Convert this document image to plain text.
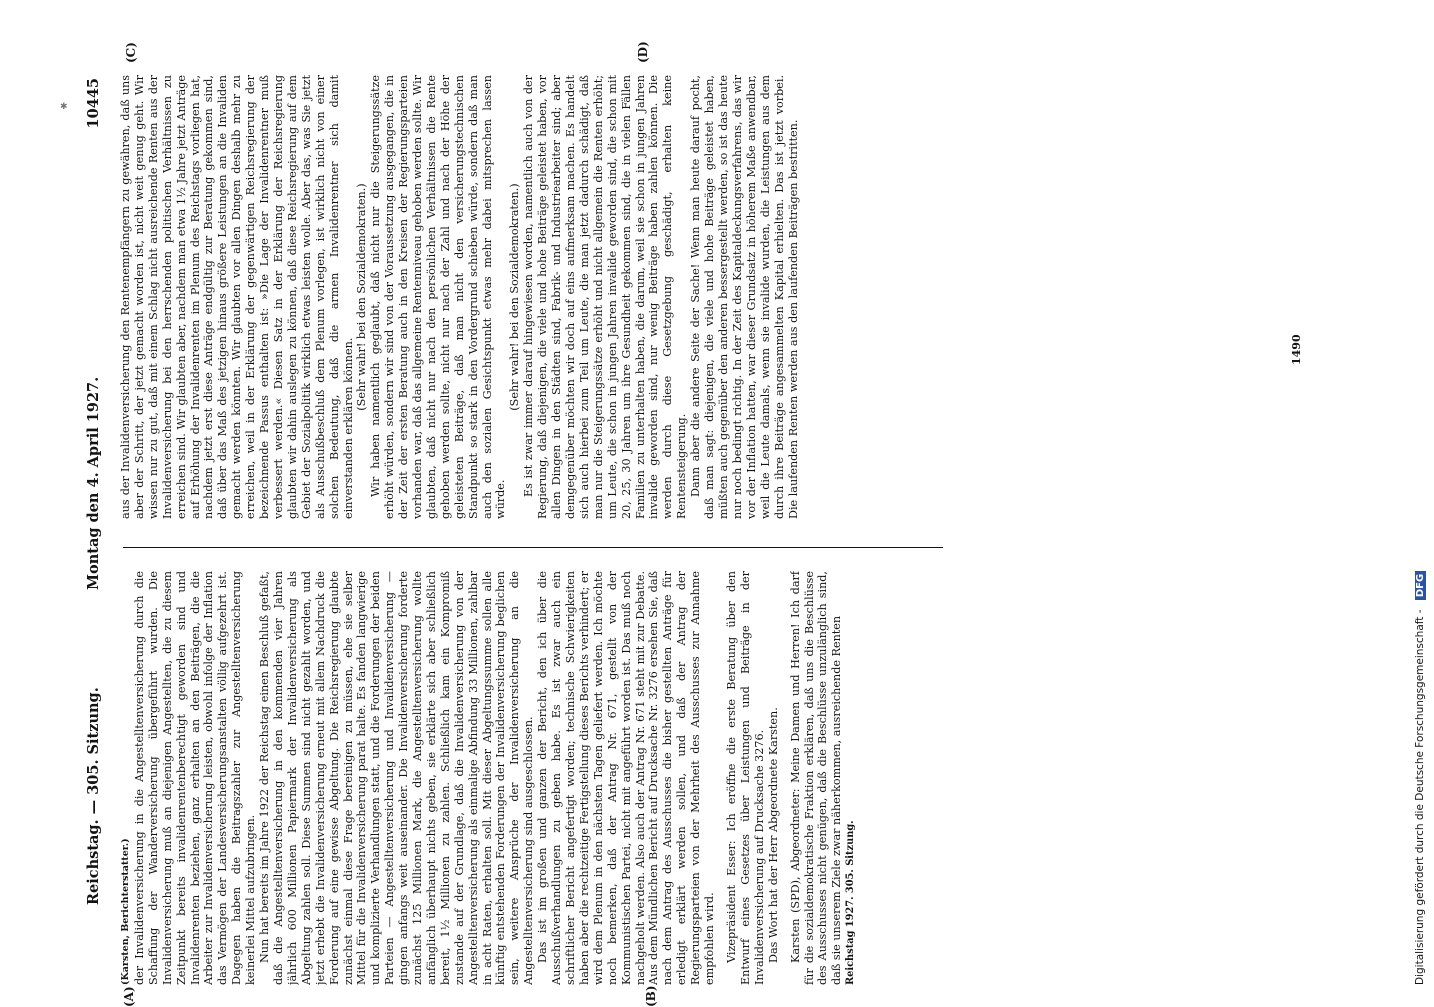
Reichstag. — 305. Sitzung.
Montag den 4. April 1927.
10445
(A)	(B)
(C)	(D)

(Karsten, Berichterstatter.) der Invalidenversicherung in die Angestelltenversicherung durch die Schaffung der Wanderversicherung übergeführt wurden. Die Invalidenversicherung muß an diejenigen Angestellten, die zu diesem Zeitpunkt bereits invalidenrentenberechtigt geworden sind und Invalidenrenten beziehen, ganz erhalten an den Beiträgen, die die Arbeiter zur Invalidenversicherung leisten, obwohl infolge der Inflation das Vermögen der Landesversicherungsanstalten völlig aufgezehrt ist. Dagegen haben die Beitragszahler zur Angestelltenversicherung keinerlei Mittel aufzubringen. Nun hat bereits im Jahre 1922 der Reichstag einen Beschluß gefaßt, daß die Angestelltenversicherung in den kommenden vier Jahren jährlich 600 Millionen Papiermark der Invalidenversicherung als Abgeltung zahlen soll. Diese Summen sind nicht gezahlt worden, und jetzt erhebt die Invalidenversicherung erneut mit allem Nachdruck die Forderung auf eine gewisse Abgeltung. Die Reichsregierung glaubte zunächst einmal diese Frage bereinigen zu müssen, ehe sie selber Mittel für die Invalidenversicherung parat halte. Es fanden langwierige und komplizierte Verhandlungen statt, und die Forderungen der beiden Parteien — Angestelltenversicherung und Invalidenversicherung — gingen anfangs weit auseinander. Die Invalidenversicherung forderte zunächst 125 Millionen Mark, die Angestelltenversicherung wollte anfänglich überhaupt nichts geben, sie erklärte sich aber schließlich bereit, 1½ Millionen zu zahlen. Schließlich kam ein Kompromiß zustande auf der Grundlage, daß die Invalidenversicherung von der Angestelltenversicherung als einmalige Abfindung 33 Millionen, zahlbar in acht Raten, erhalten soll. Mit dieser Abgeltungssumme sollen alle künftig entstehenden Forderungen der Invalidenversicherung beglichen sein, weitere Ansprüche der Invalidenversicherung an die Angestelltenversicherung sind ausgeschlossen. Das ist im großen und ganzen der Bericht, den ich über die Ausschußverhandlungen zu geben habe. Es ist zwar auch ein schriftlicher Bericht angefertigt worden; technische Schwierigkeiten haben aber die rechtzeitige Fertigstellung dieses Berichts verhindert; er wird dem Plenum in den nächsten Tagen geliefert werden. Ich möchte noch bemerken, daß der Antrag Nr. 671, gestellt von der Kommunistischen Partei, nicht mit angeführt worden ist. Das muß noch nachgeholt werden. Also auch der Antrag Nr. 671 steht mit zur Debatte. Aus dem Mündlichen Bericht auf Drucksache Nr. 3276 ersehen Sie, daß nach dem Antrag des Ausschusses die bisher gestellten Anträge für erledigt erklärt werden sollen, und daß der Antrag der Regierungsparteien von der Mehrheit des Ausschusses zur Annahme empfohlen wird. Vizepräsident Esser: Ich eröffne die erste Beratung über den Entwurf eines Gesetzes über Leistungen und Beiträge in der Invalidenversicherung auf Drucksache 3276. Das Wort hat der Herr Abgeordnete Karsten. Karsten (SPD), Abgeordneter: Meine Damen und Herren! Ich darf für die sozialdemokratische Fraktion erklären, daß uns die Beschlüsse des Ausschusses nicht genügen, daß die Beschlüsse unzulänglich sind, daß sie unserem Ziele zwar näherkommen, ausreichende Renten Reichstag 1927. 305. Sitzung.

aus der Invalidenversicherung den Rentenempfängern zu gewähren, daß uns aber der Schritt, der jetzt gemacht worden ist, nicht weit genug geht. Wir wissen nur zu gut, daß mit einem Schlag nicht ausreichende Renten aus der Invalidenversicherung bei den herrschenden politischen Verhältnissen zu erreichen sind. Wir glaubten aber, nachdem man etwa 1½ Jahre jetzt Anträge auf Erhöhung der Invalidenrenten im Plenum des Reichstags vorliegen hat, nachdem jetzt erst diese Anträge endgültig zur Beratung gekommen sind, daß über das Maß des jetzigen hinaus größere Leistungen an die Invaliden gemacht werden könnten. Wir glaubten vor allen Dingen deshalb mehr zu erreichen, weil in der Erklärung der gegenwärtigen Reichsregierung der bezeichnende Passus enthalten ist: »Die Lage der Invalidenrentner muß verbessert werden.« Diesen Satz in der Erklärung der Reichsregierung glaubten wir dahin auslegen zu können, daß diese Reichsregierung auf dem Gebiet der Sozialpolitik wirklich etwas leisten wolle. Aber das, was Sie jetzt als Ausschußbeschluß dem Plenum vorlegen, ist wirklich nicht von einer solchen Bedeutung, daß die armen Invalidenrentner sich damit einverstanden erklären können.

(Sehr wahr! bei den Sozialdemokraten.) Wir haben namentlich geglaubt, daß nicht nur die Steigerungssätze erhöht würden, sondern wir sind von der Voraussetzung ausgegangen, die in der Zeit der ersten Beratung auch in den Kreisen der Regierungsparteien vorhanden war, daß das allgemeine Rentenniveau gehoben werden sollte. Wir glaubten, daß nicht nur nach den persönlichen Verhältnissen die Rente gehoben werden sollte, nicht nur nach der Zahl und nach der Höhe der geleisteten Beiträge, daß man nicht den versicherungstechnischen Standpunkt so stark in den Vordergrund schieben würde, sondern daß man auch den sozialen Gesichtspunkt etwas mehr dabei mitsprechen lassen würde.

(Sehr wahr! bei den Sozialdemokraten.) Es ist zwar immer darauf hingewiesen worden, namentlich auch von der Regierung, daß diejenigen, die viele und hohe Beiträge geleistet haben, vor allen Dingen in den Städten sind, Fabrik- und Industriearbeiter sind; aber demgegenüber möchten wir doch auf eins aufmerksam machen. Es handelt sich auch hierbei zum Teil um Leute, die man jetzt dadurch schädigt, daß man nur die Steigerungssätze erhöht und nicht allgemein die Renten erhöht; um Leute, die schon in jungen Jahren invalide geworden sind, die schon mit 20, 25, 30 Jahren um ihre Gesundheit gekommen sind, die in vielen Fällen Familien zu unterhalten haben, die darum, weil sie schon in jungen Jahren invalide geworden sind, nur wenig Beiträge haben zahlen können. Die werden durch diese Gesetzgebung geschädigt, erhalten keine Rentensteigerung. Dann aber die andere Seite der Sache! Wenn man heute darauf pocht, daß man sagt: diejenigen, die viele und hohe Beiträge geleistet haben, müßten auch gegenüber den anderen bessergestellt werden, so ist das heute nur noch bedingt richtig. In der Zeit des Kapitaldeckungsverfahrens, das wir vor der Inflation hatten, war dieser Grundsatz in höherem Maße anwendbar, weil die Leute damals, wenn sie invalide wurden, die Leistungen aus dem durch ihre Beiträge angesammelten Kapital erhielten. Das ist jetzt vorbei. Die laufenden Renten werden aus den laufenden Beiträgen bestritten.	1490
Digitalisierung gefördert durch die Deutsche Forschungsgemeinschaft - DFG
✱
